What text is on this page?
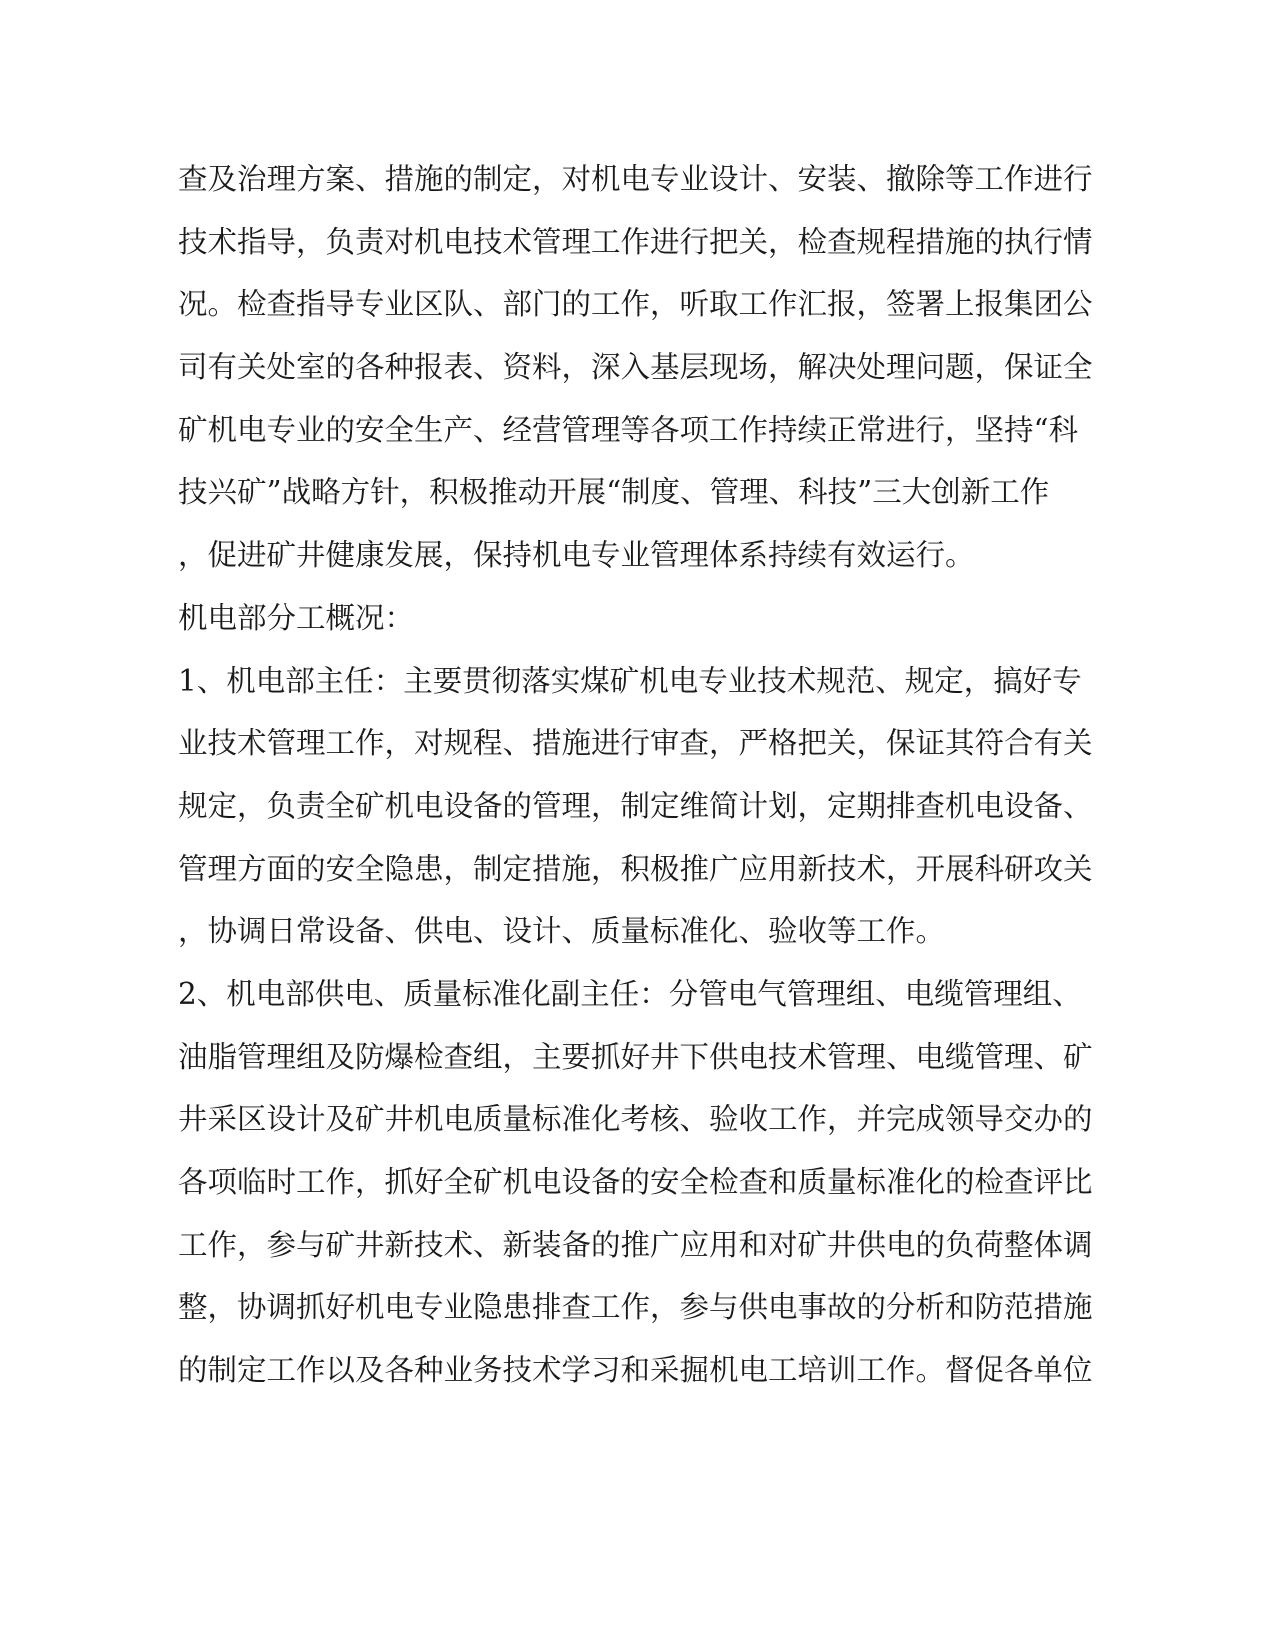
查及治理方案、措施的制定，对机电专业设计、安装、撤除等工作进行
技术指导，负责对机电技术管理工作进行把关，检查规程措施的执行情
况。检查指导专业区队、部门的工作，听取工作汇报，签署上报集团公
司有关处室的各种报表、资料，深入基层现场，解决处理问题，保证全
矿机电专业的安全生产、经营管理等各项工作持续正常进行，坚持“科
技兴矿”战略方针，积极推动开展“制度、管理、科技”三大创新工作
，促进矿井健康发展，保持机电专业管理体系持续有效运行。
机电部分工概况：
1、机电部主任：主要贯彻落实煤矿机电专业技术规范、规定，搞好专
业技术管理工作，对规程、措施进行审查，严格把关，保证其符合有关
规定，负责全矿机电设备的管理，制定维简计划，定期排查机电设备、
管理方面的安全隐患，制定措施，积极推广应用新技术，开展科研攻关
，协调日常设备、供电、设计、质量标准化、验收等工作。
2、机电部供电、质量标准化副主任：分管电气管理组、电缆管理组、
油脂管理组及防爆检查组，主要抓好井下供电技术管理、电缆管理、矿
井采区设计及矿井机电质量标准化考核、验收工作，并完成领导交办的
各项临时工作，抓好全矿机电设备的安全检查和质量标准化的检查评比
工作，参与矿井新技术、新装备的推广应用和对矿井供电的负荷整体调
整，协调抓好机电专业隐患排查工作，参与供电事故的分析和防范措施
的制定工作以及各种业务技术学习和采掘机电工培训工作。督促各单位
